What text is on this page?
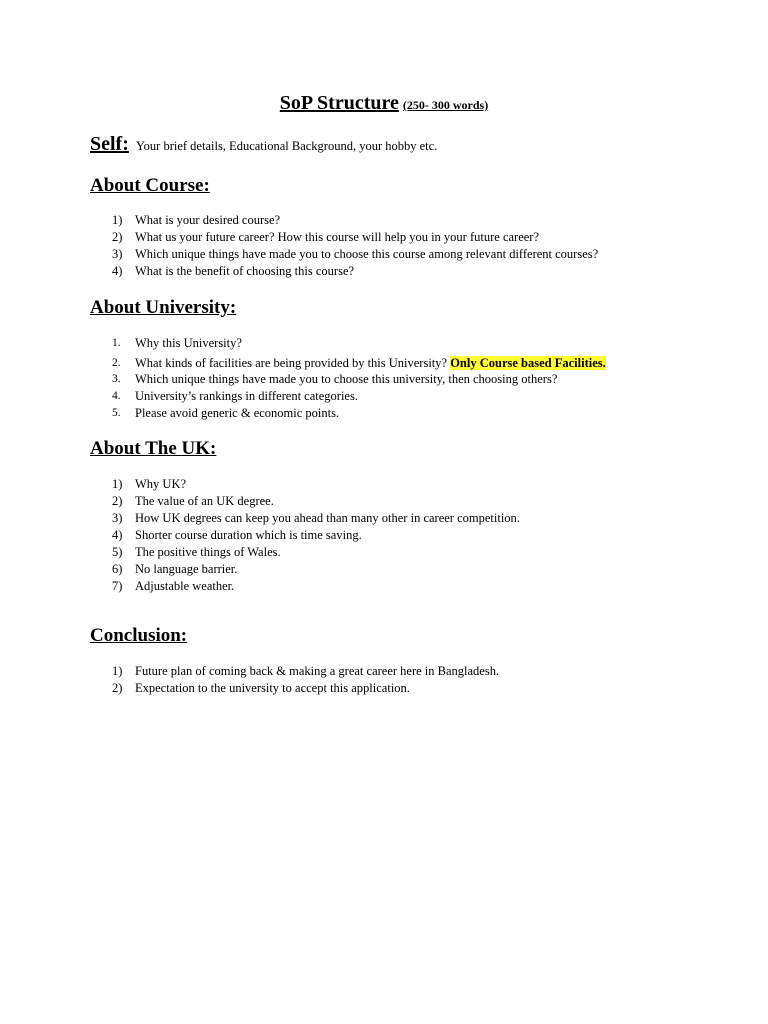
SoP Structure (250- 300 words)
Self: Your brief details, Educational Background, your hobby etc.
About Course:
1)	What is your desired course?
2)	What us your future career? How this course will help you in your future career?
3)	Which unique things have made you to choose this course among relevant different courses?
4)	What is the benefit of choosing this course?
About University:
1.	Why this University?
2.	What kinds of facilities are being provided by this University? Only Course based Facilities.
3.	Which unique things have made you to choose this university, then choosing others?
4.	University’s rankings in different categories.
5.	Please avoid generic & economic points.
About The UK:
1)	Why UK?
2)	The value of an UK degree.
3)	How UK degrees can keep you ahead than many other in career competition.
4)	Shorter course duration which is time saving.
5)	The positive things of Wales.
6)	No language barrier.
7)	Adjustable weather.
Conclusion:
1)	Future plan of coming back & making a great career here in Bangladesh.
2)	Expectation to the university to accept this application.
